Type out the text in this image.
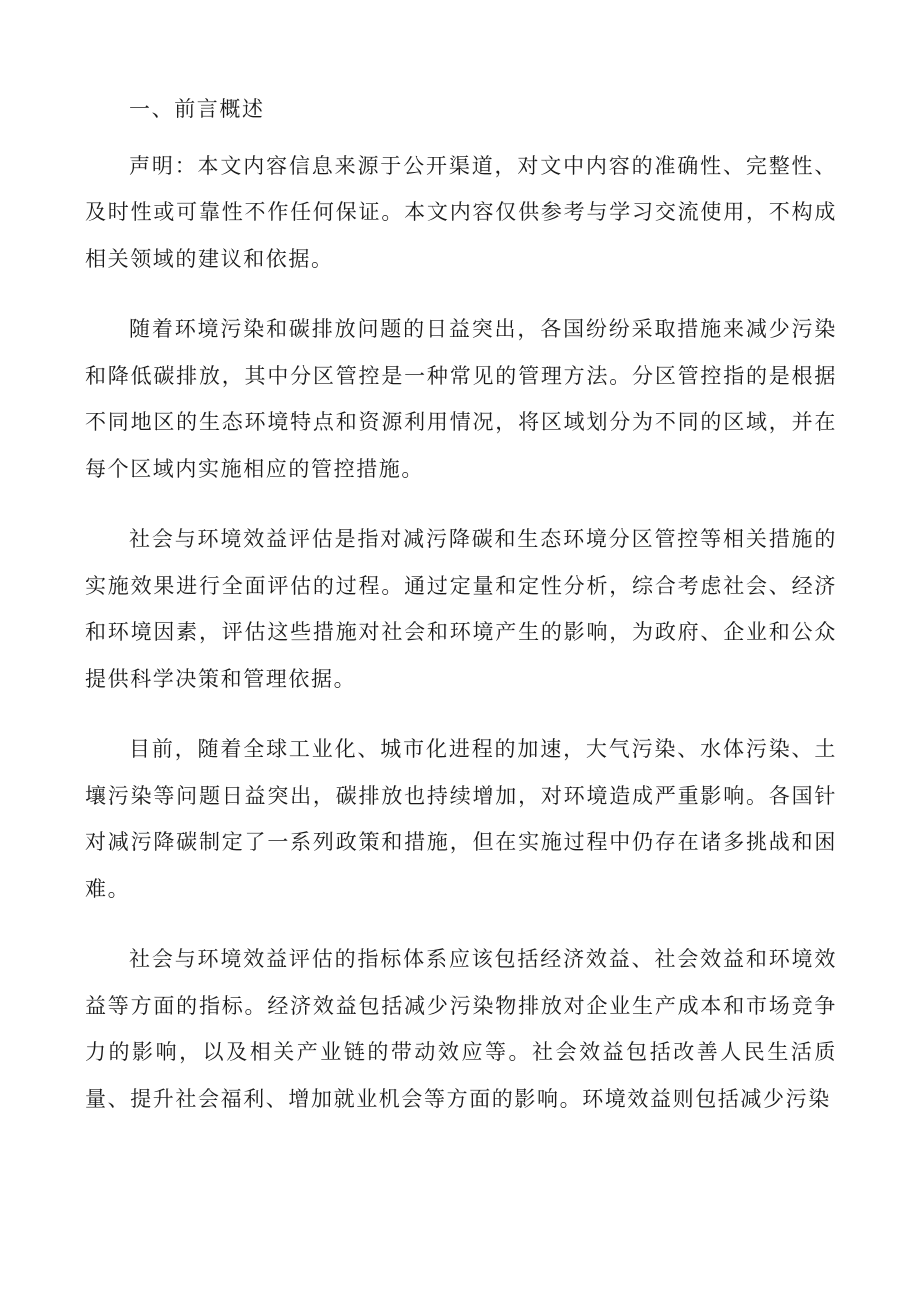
一、前言概述

声明：本文内容信息来源于公开渠道，对文中内容的准确性、完整性、及时性或可靠性不作任何保证。本文内容仅供参考与学习交流使用，不构成相关领域的建议和依据。

随着环境污染和碳排放问题的日益突出，各国纷纷采取措施来减少污染和降低碳排放，其中分区管控是一种常见的管理方法。分区管控指的是根据不同地区的生态环境特点和资源利用情况，将区域划分为不同的区域，并在每个区域内实施相应的管控措施。

社会与环境效益评估是指对减污降碳和生态环境分区管控等相关措施的实施效果进行全面评估的过程。通过定量和定性分析，综合考虑社会、经济和环境因素，评估这些措施对社会和环境产生的影响，为政府、企业和公众提供科学决策和管理依据。

目前，随着全球工业化、城市化进程的加速，大气污染、水体污染、土壤污染等问题日益突出，碳排放也持续增加，对环境造成严重影响。各国针对减污降碳制定了一系列政策和措施，但在实施过程中仍存在诸多挑战和困难。

社会与环境效益评估的指标体系应该包括经济效益、社会效益和环境效益等方面的指标。经济效益包括减少污染物排放对企业生产成本和市场竞争力的影响，以及相关产业链的带动效应等。社会效益包括改善人民生活质量、提升社会福利、增加就业机会等方面的影响。环境效益则包括减少污染
